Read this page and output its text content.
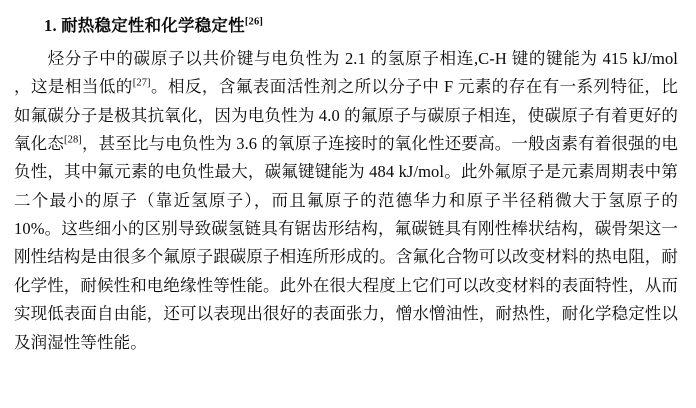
1. 耐热稳定性和化学稳定性[26]

烃分子中的碳原子以共价键与电负性为 2.1 的氢原子相连,C-H 键的键能为 415 kJ/mol ，这是相当低的[27]。相反，含氟表面活性剂之所以分子中 F 元素的存在有一系列特征，比如氟碳分子是极其抗氧化，因为电负性为 4.0 的氟原子与碳原子相连，使碳原子有着更好的氧化态[28]，甚至比与电负性为 3.6 的氧原子连接时的氧化性还要高。一般卤素有着很强的电负性，其中氟元素的电负性最大，碳氟键键能为 484 kJ/mol。此外氟原子是元素周期表中第二个最小的原子（靠近氢原子），而且氟原子的范德华力和原子半径稍微大于氢原子的 10%。这些细小的区别导致碳氢链具有锯齿形结构，氟碳链具有刚性棒状结构，碳骨架这一刚性结构是由很多个氟原子跟碳原子相连所形成的。含氟化合物可以改变材料的热电阻，耐化学性，耐候性和电绝缘性等性能。此外在很大程度上它们可以改变材料的表面特性，从而实现低表面自由能，还可以表现出很好的表面张力，憎水憎油性，耐热性，耐化学稳定性以及润湿性等性能。
